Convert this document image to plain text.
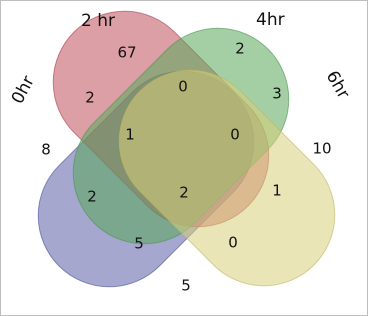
0hr
2 hr	4hr
6hr
67	2
8	10
2
0	3
1	0
2	2	1
5	0
5
